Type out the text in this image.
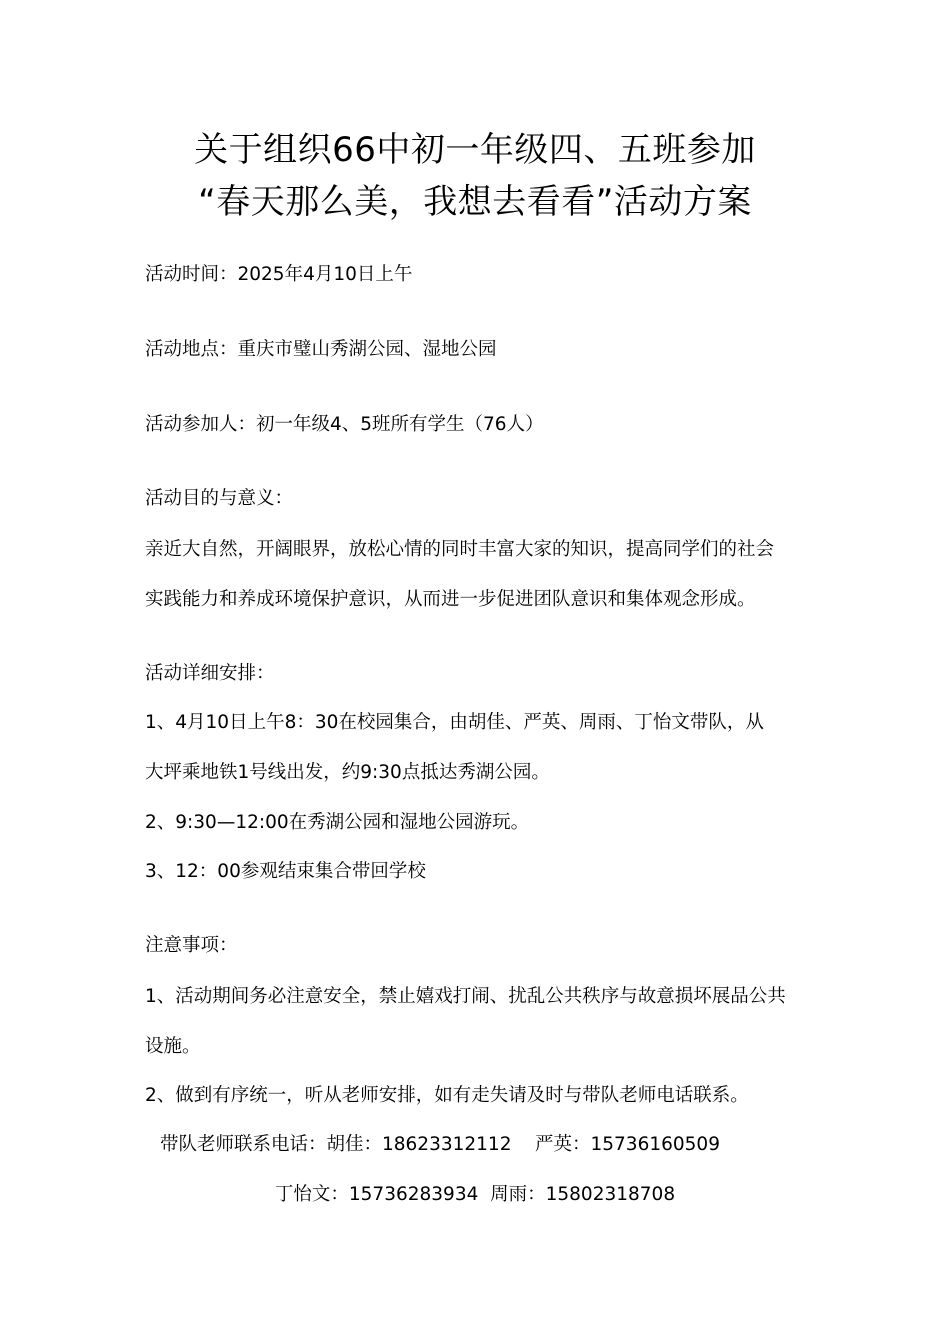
关于组织66中初一年级四、五班参加
“春天那么美，我想去看看”活动方案
活动时间：2025年4月10日上午
活动地点：重庆市璧山秀湖公园、湿地公园
活动参加人：初一年级4、5班所有学生（76人）
活动目的与意义：
亲近大自然，开阔眼界，放松心情的同时丰富大家的知识，提高同学们的社会
实践能力和养成环境保护意识，从而进一步促进团队意识和集体观念形成。
活动详细安排：
1、4月10日上午8：30在校园集合，由胡佳、严英、周雨、丁怡文带队，从
大坪乘地铁1号线出发，约9:30点抵达秀湖公园。
2、9:30—12:00在秀湖公园和湿地公园游玩。
3、12：00参观结束集合带回学校
注意事项：
1、活动期间务必注意安全，禁止嬉戏打闹、扰乱公共秩序与故意损坏展品公共
设施。
2、做到有序统一，听从老师安排，如有走失请及时与带队老师电话联系。
带队老师联系电话：胡佳：18623312112    严英：15736160509
丁怡文：15736283934  周雨：15802318708
